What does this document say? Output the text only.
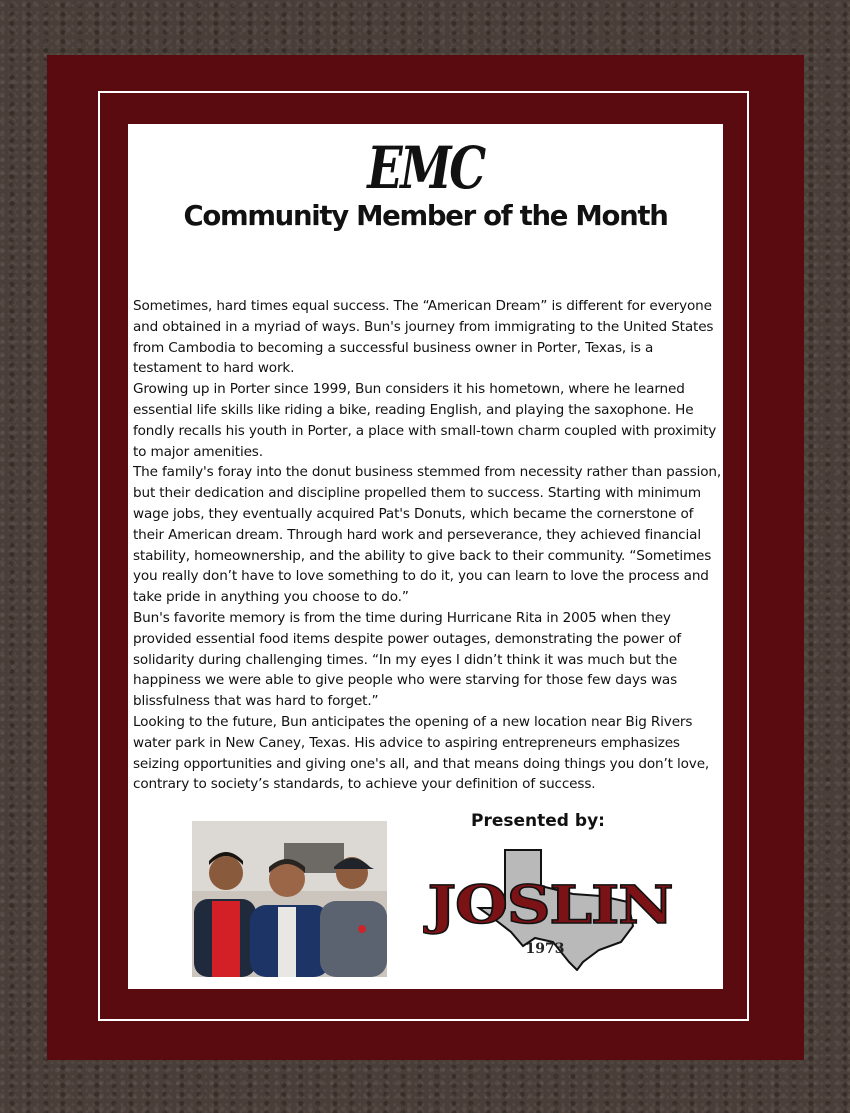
EMC
Community Member of the Month

Sometimes, hard times equal success. The “American Dream” is different for everyone and obtained in a myriad of ways. Bun's journey from immigrating to the United States from Cambodia to becoming a successful business owner in Porter, Texas, is a testament to hard work.

Growing up in Porter since 1999, Bun considers it his hometown, where he learned essential life skills like riding a bike, reading English, and playing the saxophone. He fondly recalls his youth in Porter, a place with small-town charm coupled with proximity to major amenities.

The family's foray into the donut business stemmed from necessity rather than passion, but their dedication and discipline propelled them to success. Starting with minimum wage jobs, they eventually acquired Pat's Donuts, which became the cornerstone of their American dream. Through hard work and perseverance, they achieved financial stability, homeownership, and the ability to give back to their community. “Sometimes you really don’t have to love something to do it, you can learn to love the process and take pride in anything you choose to do.”

Bun's favorite memory is from the time during Hurricane Rita in 2005 when they provided essential food items despite power outages, demonstrating the power of solidarity during challenging times. “In my eyes I didn’t think it was much but the happiness we were able to give people who were starving for those few days was blissfulness that was hard to forget.”

Looking to the future, Bun anticipates the opening of a new location near Big Rivers water park in New Caney, Texas. His advice to aspiring entrepreneurs emphasizes seizing opportunities and giving one's all, and that means doing things you don’t love, contrary to society’s standards, to achieve your definition of success.

Presented by:
JOSLIN
1973
